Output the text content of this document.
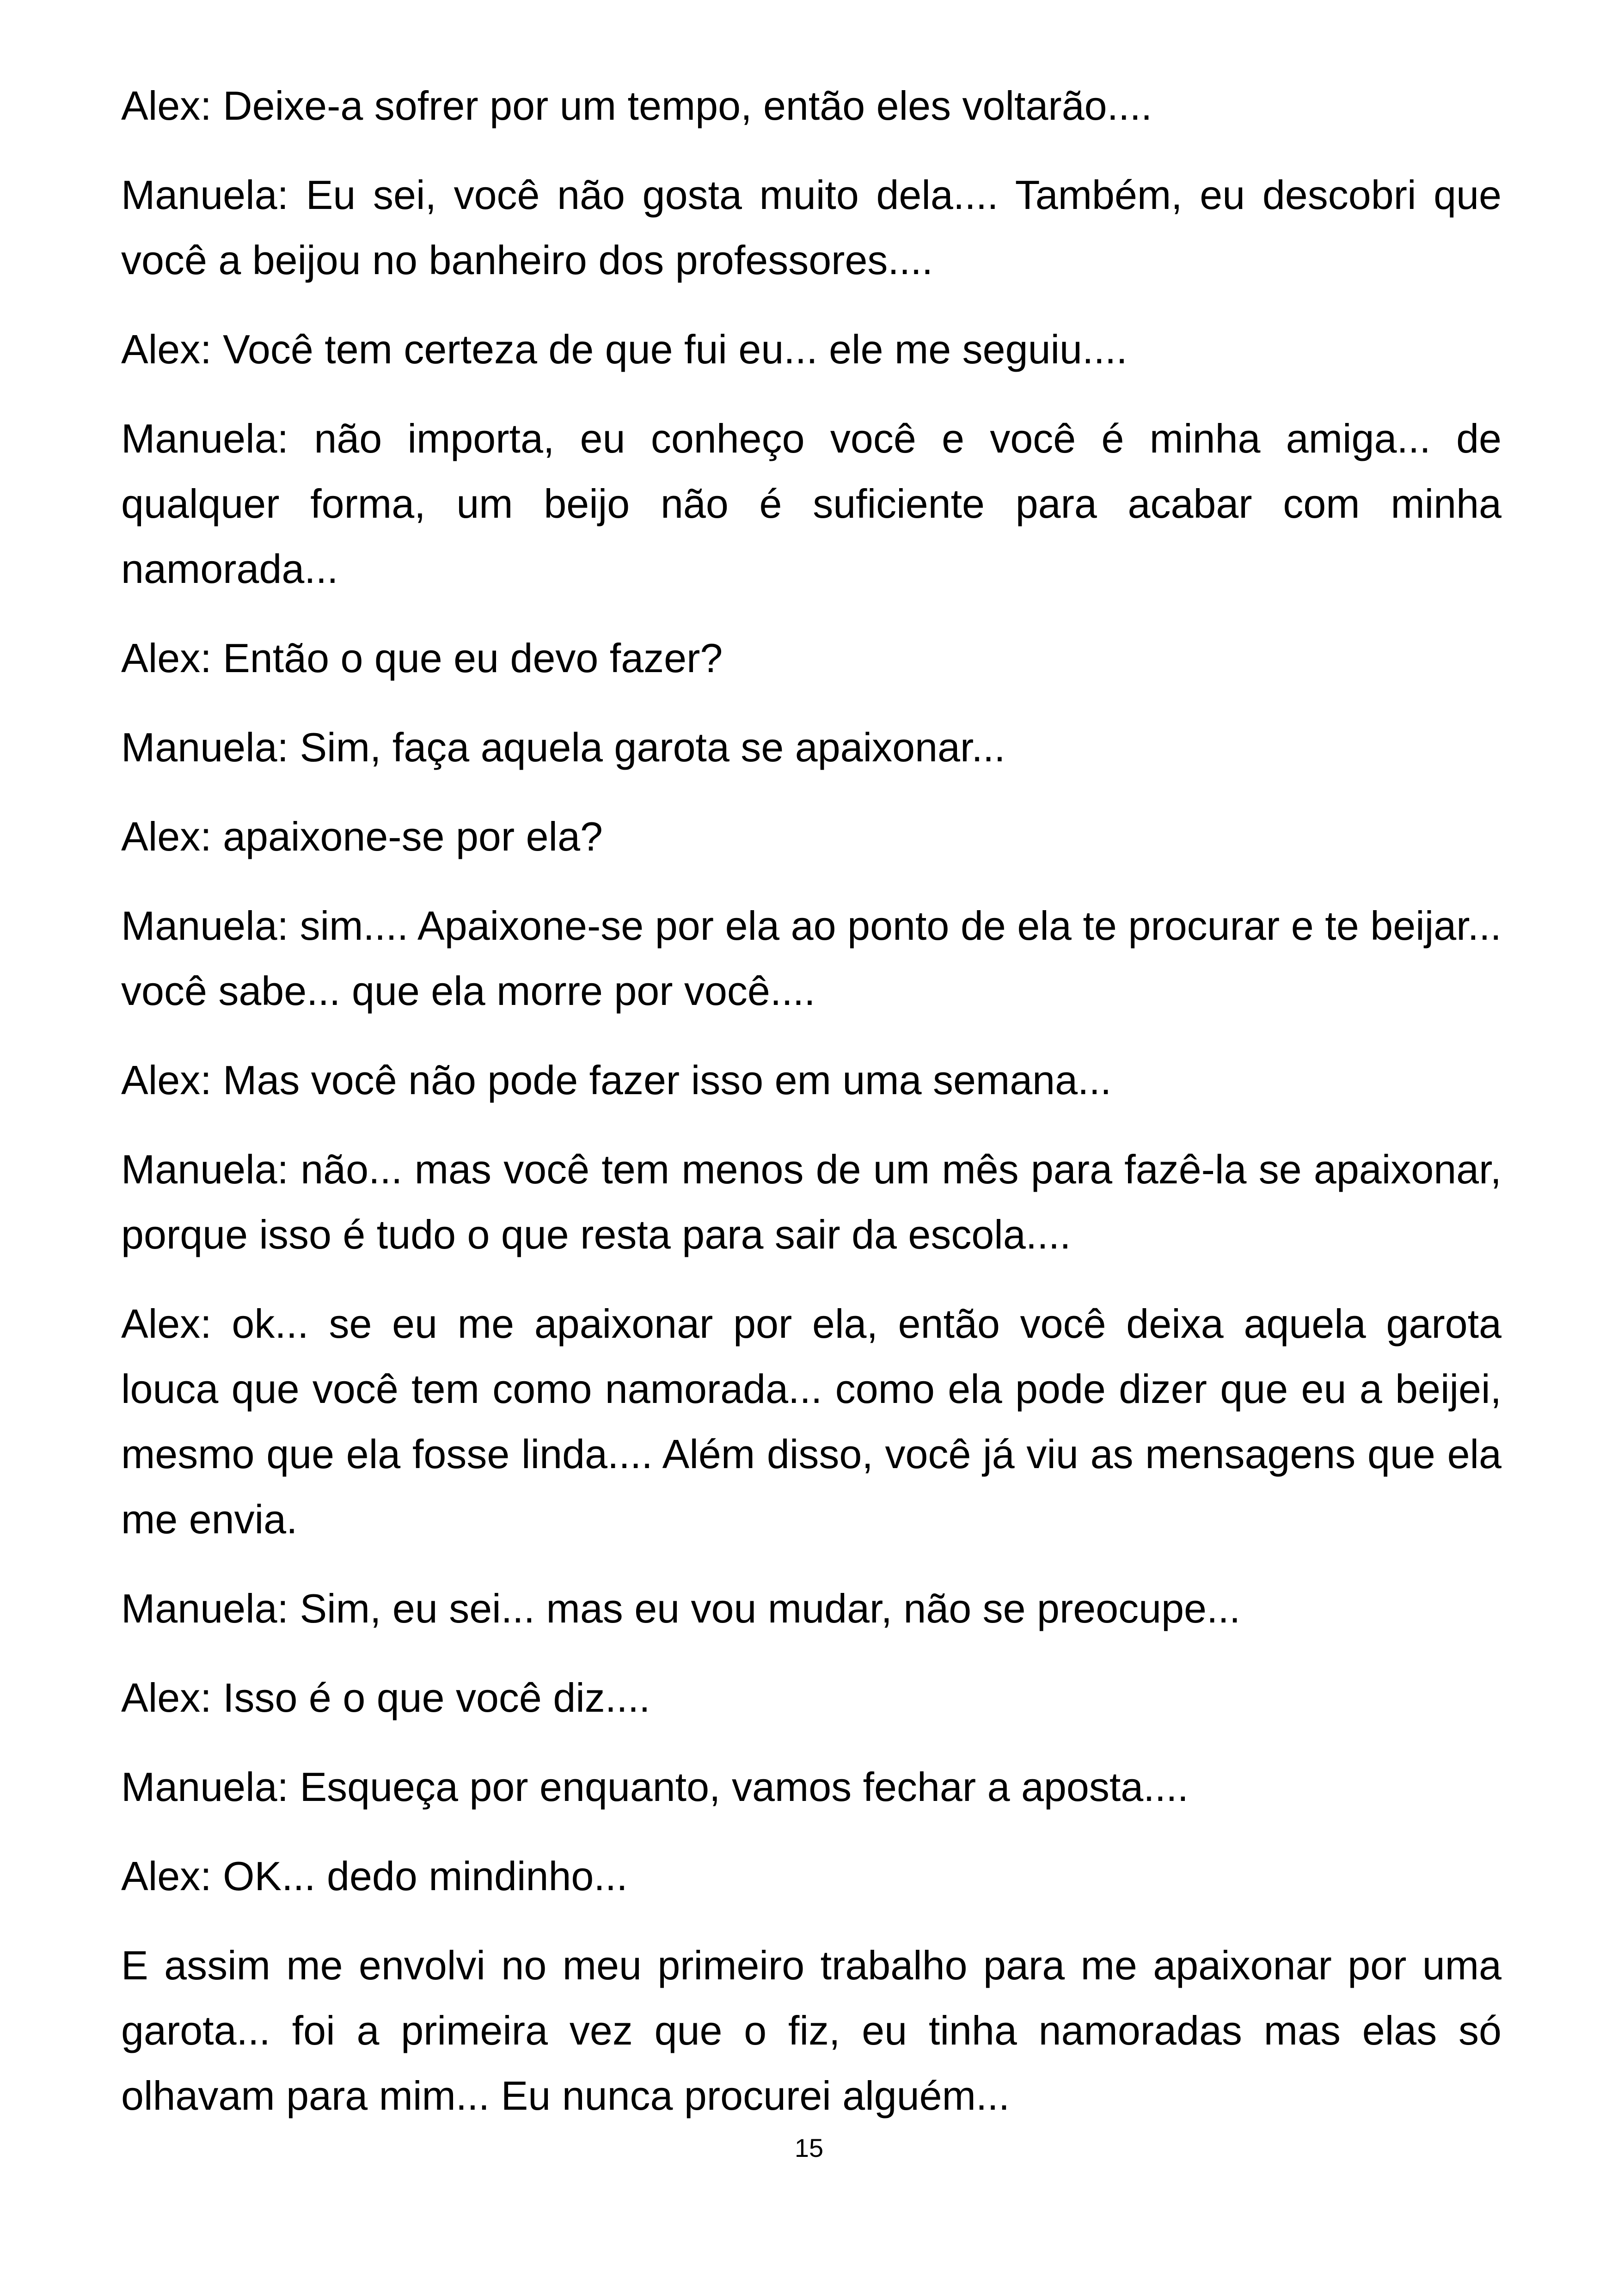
Alex: Deixe-a sofrer por um tempo, então eles voltarão....

Manuela: Eu sei, você não gosta muito dela.... Também, eu descobri que você a beijou no banheiro dos professores....

Alex: Você tem certeza de que fui eu... ele me seguiu....

Manuela: não importa, eu conheço você e você é minha amiga... de qualquer forma, um beijo não é suficiente para acabar com minha namorada...

Alex: Então o que eu devo fazer?

Manuela: Sim, faça aquela garota se apaixonar...

Alex: apaixone-se por ela?

Manuela: sim.... Apaixone-se por ela ao ponto de ela te procurar e te beijar... você sabe... que ela morre por você....

Alex: Mas você não pode fazer isso em uma semana...

Manuela: não... mas você tem menos de um mês para fazê-la se apaixonar, porque isso é tudo o que resta para sair da escola....

Alex: ok... se eu me apaixonar por ela, então você deixa aquela garota louca que você tem como namorada... como ela pode dizer que eu a beijei, mesmo que ela fosse linda.... Além disso, você já viu as mensagens que ela me envia.

Manuela: Sim, eu sei... mas eu vou mudar, não se preocupe...

Alex: Isso é o que você diz....

Manuela: Esqueça por enquanto, vamos fechar a aposta....

Alex: OK... dedo mindinho...

E assim me envolvi no meu primeiro trabalho para me apaixonar por uma garota... foi a primeira vez que o fiz, eu tinha namoradas mas elas só olhavam para mim... Eu nunca procurei alguém...

15
